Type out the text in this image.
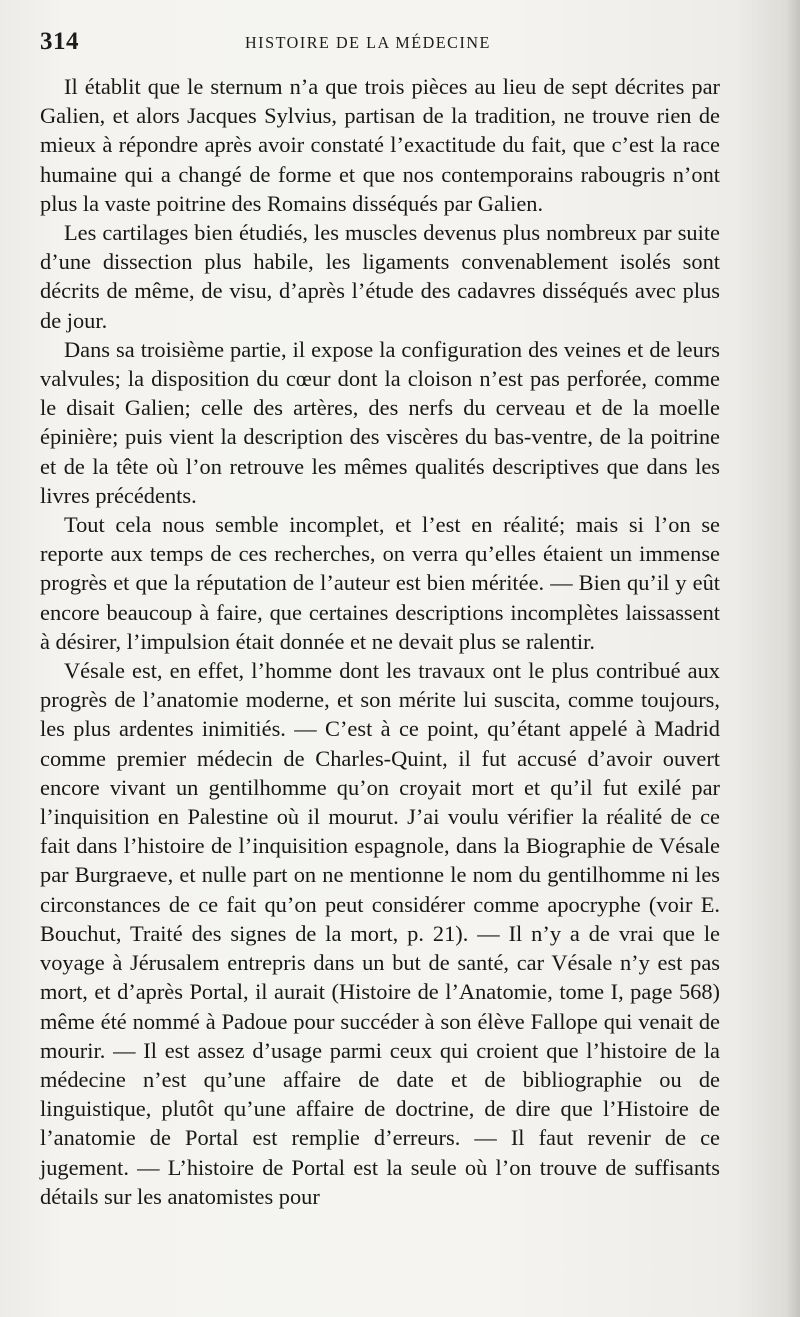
314	HISTOIRE DE LA MÉDECINE

Il établit que le sternum n’a que trois pièces au lieu de sept décrites par Galien, et alors Jacques Sylvius, partisan de la tradition, ne trouve rien de mieux à répondre après avoir constaté l’exactitude du fait, que c’est la race humaine qui a changé de forme et que nos contemporains rabougris n’ont plus la vaste poitrine des Romains disséqués par Galien.

Les cartilages bien étudiés, les muscles devenus plus nombreux par suite d’une dissection plus habile, les ligaments convenablement isolés sont décrits de même, de visu, d’après l’étude des cadavres disséqués avec plus de jour.

Dans sa troisième partie, il expose la configuration des veines et de leurs valvules; la disposition du cœur dont la cloison n’est pas perforée, comme le disait Galien; celle des artères, des nerfs du cerveau et de la moelle épinière; puis vient la description des viscères du bas-ventre, de la poitrine et de la tête où l’on retrouve les mêmes qualités descriptives que dans les livres précédents.

Tout cela nous semble incomplet, et l’est en réalité; mais si l’on se reporte aux temps de ces recherches, on verra qu’elles étaient un immense progrès et que la réputation de l’auteur est bien méritée. — Bien qu’il y eût encore beaucoup à faire, que certaines descriptions incomplètes laissassent à désirer, l’impulsion était donnée et ne devait plus se ralentir.

Vésale est, en effet, l’homme dont les travaux ont le plus contribué aux progrès de l’anatomie moderne, et son mérite lui suscita, comme toujours, les plus ardentes inimitiés. — C’est à ce point, qu’étant appelé à Madrid comme premier médecin de Charles-Quint, il fut accusé d’avoir ouvert encore vivant un gentilhomme qu’on croyait mort et qu’il fut exilé par l’inquisition en Palestine où il mourut. J’ai voulu vérifier la réalité de ce fait dans l’histoire de l’inquisition espagnole, dans la Biographie de Vésale par Burgraeve, et nulle part on ne mentionne le nom du gentilhomme ni les circonstances de ce fait qu’on peut considérer comme apocryphe (voir E. Bouchut, Traité des signes de la mort, p. 21). — Il n’y a de vrai que le voyage à Jérusalem entrepris dans un but de santé, car Vésale n’y est pas mort, et d’après Portal, il aurait (Histoire de l’Anatomie, tome I, page 568) même été nommé à Padoue pour succéder à son élève Fallope qui venait de mourir. — Il est assez d’usage parmi ceux qui croient que l’histoire de la médecine n’est qu’une affaire de date et de bibliographie ou de linguistique, plutôt qu’une affaire de doctrine, de dire que l’Histoire de l’anatomie de Portal est remplie d’erreurs. — Il faut revenir de ce jugement. — L’histoire de Portal est la seule où l’on trouve de suffisants détails sur les anatomistes pour
